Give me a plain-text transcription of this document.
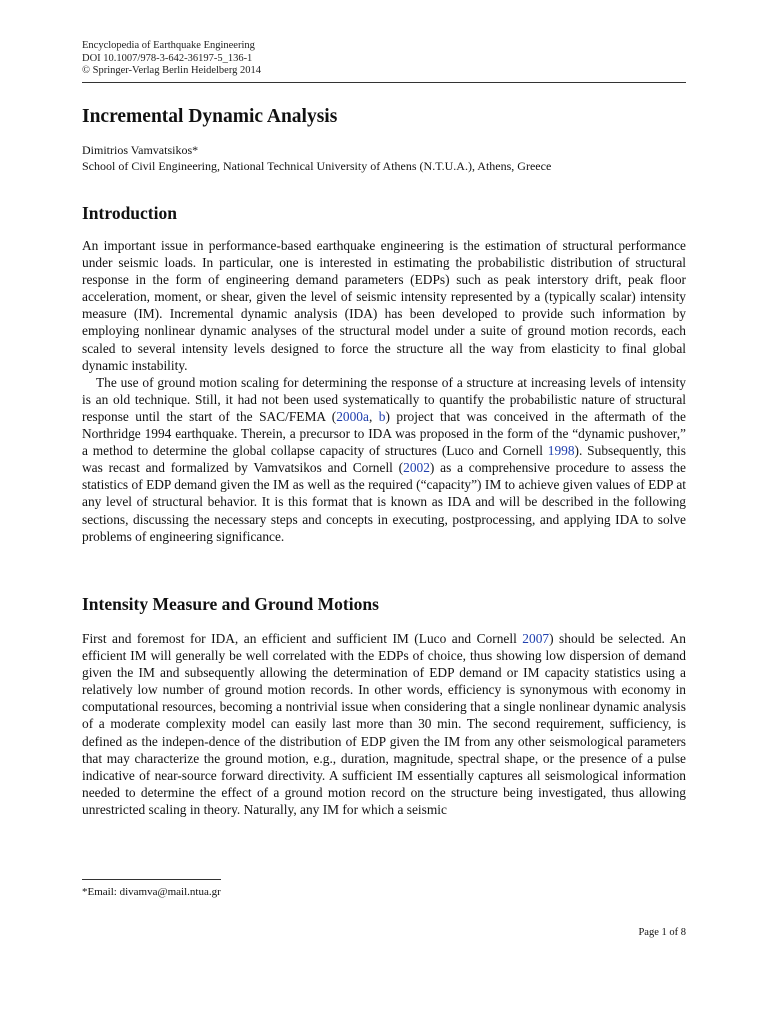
Encyclopedia of Earthquake Engineering
DOI 10.1007/978-3-642-36197-5_136-1
© Springer-Verlag Berlin Heidelberg 2014
Incremental Dynamic Analysis
Dimitrios Vamvatsikos*
School of Civil Engineering, National Technical University of Athens (N.T.U.A.), Athens, Greece
Introduction

An important issue in performance-based earthquake engineering is the estimation of structural performance under seismic loads. In particular, one is interested in estimating the probabilistic distribution of structural response in the form of engineering demand parameters (EDPs) such as peak interstory drift, peak floor acceleration, moment, or shear, given the level of seismic intensity represented by a (typically scalar) intensity measure (IM). Incremental dynamic analysis (IDA) has been developed to provide such information by employing nonlinear dynamic analyses of the structural model under a suite of ground motion records, each scaled to several intensity levels designed to force the structure all the way from elasticity to final global dynamic instability.

The use of ground motion scaling for determining the response of a structure at increasing levels of intensity is an old technique. Still, it had not been used systematically to quantify the probabilistic nature of structural response until the start of the SAC/FEMA (2000a, b) project that was conceived in the aftermath of the Northridge 1994 earthquake. Therein, a precursor to IDA was proposed in the form of the “dynamic pushover,” a method to determine the global collapse capacity of structures (Luco and Cornell 1998). Subsequently, this was recast and formalized by Vamvatsikos and Cornell (2002) as a comprehensive procedure to assess the statistics of EDP demand given the IM as well as the required (“capacity”) IM to achieve given values of EDP at any level of structural behavior. It is this format that is known as IDA and will be described in the following sections, discussing the necessary steps and concepts in executing, postprocessing, and applying IDA to solve problems of engineering significance.

Intensity Measure and Ground Motions

First and foremost for IDA, an efficient and sufficient IM (Luco and Cornell 2007) should be selected. An efficient IM will generally be well correlated with the EDPs of choice, thus showing low dispersion of demand given the IM and subsequently allowing the determination of EDP demand or IM capacity statistics using a relatively low number of ground motion records. In other words, efficiency is synonymous with economy in computational resources, becoming a nontrivial issue when considering that a single nonlinear dynamic analysis of a moderate complexity model can easily last more than 30 min. The second requirement, sufficiency, is defined as the indepen-dence of the distribution of EDP given the IM from any other seismological parameters that may characterize the ground motion, e.g., duration, magnitude, spectral shape, or the presence of a pulse indicative of near-source forward directivity. A sufficient IM essentially captures all seismological information needed to determine the effect of a ground motion record on the structure being investigated, thus allowing unrestricted scaling in theory. Naturally, any IM for which a seismic

*Email: divamva@mail.ntua.gr
Page 1 of 8
